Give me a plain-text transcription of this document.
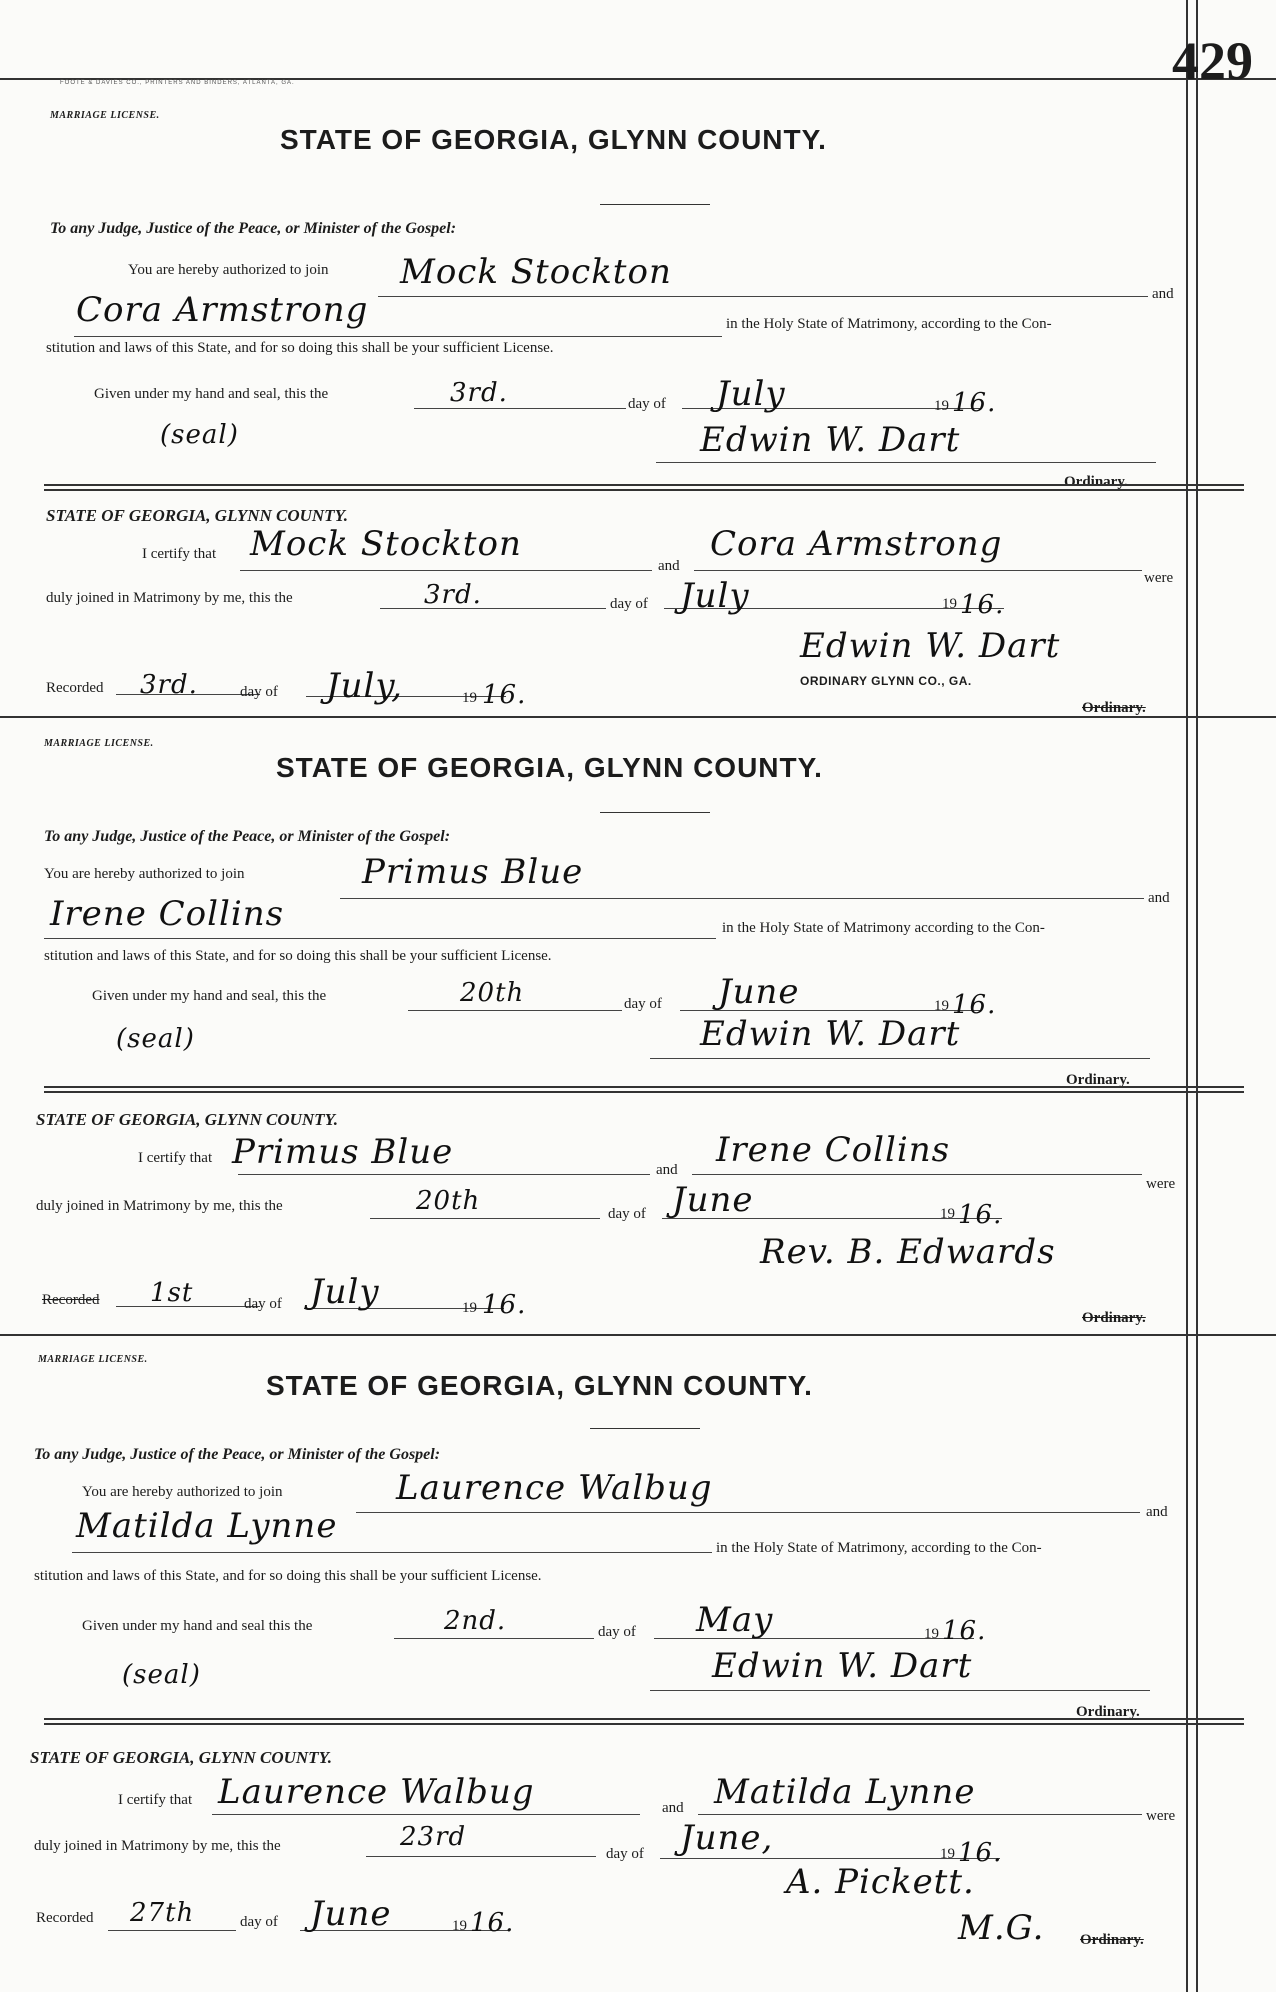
429
FOOTE & DAVIES CO., PRINTERS AND BINDERS, ATLANTA, GA.
MARRIAGE LICENSE.
STATE OF GEORGIA, GLYNN COUNTY.
To any Judge, Justice of the Peace, or Minister of the Gospel:
You are hereby authorized to join Mock Stockton
and
Cora Armstrong	in the Holy State of Matrimony, according to the Con-
stitution and laws of this State, and for so doing this shall be your sufficient License.
Given under my hand and seal, this the	3rd.	day of July	19 16.
(seal)	Edwin W. Dart
Ordinary.
STATE OF GEORGIA, GLYNN COUNTY.
I certify that Mock Stockton
and
Cora Armstrong
were
duly joined in Matrimony by me, this the	3rd.	day of July	19 16.
Edwin W. Dart
ORDINARY GLYNN CO., GA.
Recorded 3rd.	day of July,	19 16.	Ordinary.
MARRIAGE LICENSE.
STATE OF GEORGIA, GLYNN COUNTY.
To any Judge, Justice of the Peace, or Minister of the Gospel:
You are hereby authorized to join	Primus Blue
and
Irene Collins	in the Holy State of Matrimony according to the Con-
stitution and laws of this State, and for so doing this shall be your sufficient License.
Given under my hand and seal, this the	20th	day of June	19 16.
(seal)	Edwin W. Dart
Ordinary.
STATE OF GEORGIA, GLYNN COUNTY.
I certify that Primus Blue	and Irene Collins
were
duly joined in Matrimony by me, this the	20th	day of June	19 16.
Rev. B. Edwards
Recorded 1st	day of July	19 16.	Ordinary.
MARRIAGE LICENSE.
STATE OF GEORGIA, GLYNN COUNTY.
To any Judge, Justice of the Peace, or Minister of the Gospel:
You are hereby authorized to join	Laurence Walbug
and
Matilda Lynne
in the Holy State of Matrimony, according to the Con-
stitution and laws of this State, and for so doing this shall be your sufficient License.
Given under my hand and seal this the	2nd.	day of May	19 16.
(seal)	Edwin W. Dart
Ordinary.
STATE OF GEORGIA, GLYNN COUNTY.
I certify that Laurence Walbug	and Matilda Lynne
were
duly joined in Matrimony by me, this the	23rd
day of June,	19 16.
A. Pickett.
M.G.
Recorded 27th	day of June	19 16.
Ordinary.
